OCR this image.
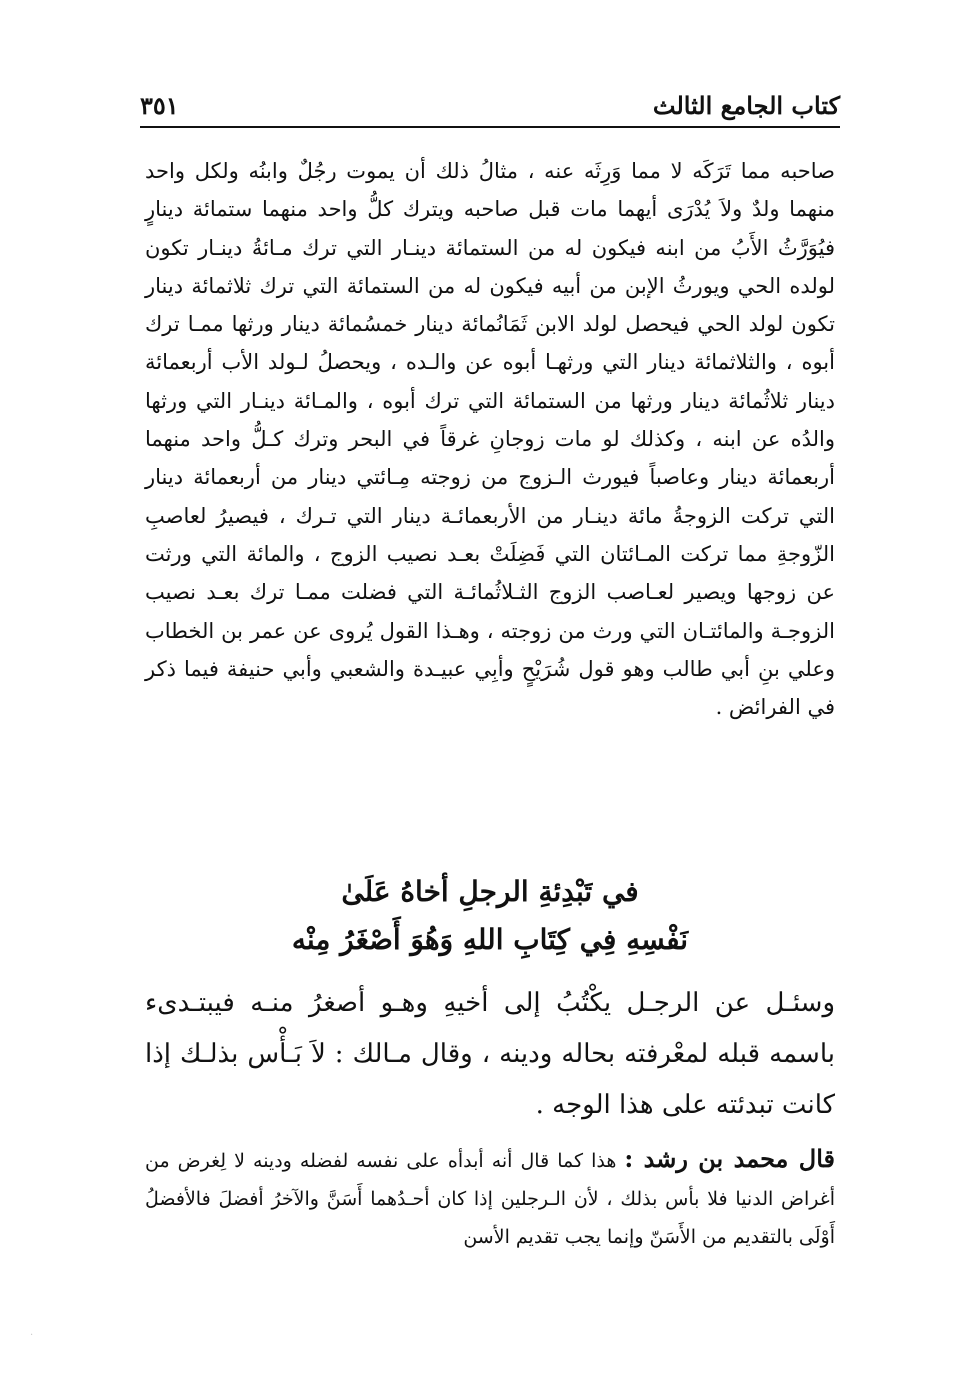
كتاب الجامع الثالث
٣٥١

صاحبه مما تَرَكَه لا مما وَرِثَه عنه ، مثالُ ذلك أن يموت رجُلٌ وابنُه ولكل واحد منهما ولدٌ ولاَ يُدْرَى أيهما مات قبل صاحبه ويترك كلُّ واحد منهما ستمائة دينارٍ فيُوَرَّثُ الأَبُ من ابنه فيكون له من الستمائة دينـار التي ترك مـائةُ دينـار تكون لولده الحي ويورثُ الإبن من أبيه فيكون له من الستمائة التي ترك ثلاثمائة دينار تكون لولد الحي فيحصل لولد الابن ثَمَانُمائة دينار خمسُمائة دينار ورثها ممـا ترك أبوه ، والثلاثمائة دينار التي ورثهـا أبوه عن والـده ، ويحصلُ لـولد الأب أربعمائة دينار ثلاثُمائة دينار ورثها من الستمائة التي ترك أبوه ، والمـائة دينـار التي ورثها والدُه عن ابنه ، وكذلك لو مات زوجانِ غرقاً في البحر وترك كـلُّ واحد منهما أربعمائة دينار وعاصباً فيورث الـزوج من زوجته مِـائتي دينار من أربعمائة دينار التي تركت الزوجةُ مائة دينـار من الأربعمائـة دينار التي تـرك ، فيصيرُ لعاصبِ الزّوجةِ مما تركت المـائتان التي فَضِلَتْ بعـد نصيب الزوج ، والمائة التي ورثت عن زوجها ويصير لعـاصب الزوج الثـلاثُمائـة التي فضلت ممـا ترك بعـد نصيب الزوجـة والمائتـان التي ورث من زوجته ، وهـذا القول يُروى عن عمر بن الخطاب وعلي بنِ أبي طالب وهو قول شُرَيْحٍ وأبِي عبيـدة والشعبي وأبي حنيفة فيما ذكر في الفرائض .

في تَبْدِئةِ الرجلِ أخاهُ عَلَىٰ
نَفْسِهِ فِي كِتَابِ اللهِ وَهُوَ أَصْغَرُ مِنْه

وسئـل عن الرجـل يكْتُبُ إلى أخيهِ وهـو أصغرُ منـه فيبتـدىء باسمه قبله لمعْرفته بحاله ودينه ، وقال مـالك : لاَ بَـأْس بذلـك إذا كانت تبدئته على هذا الوجه .

قال محمد بن رشد : هذا كما قال أنه أبدأه على نفسه لفضله ودينه لا لِغرض من أغراض الدنيا فلا بأس بذلك ، لأن الـرجلين إذا كان أحـدُهما أَسَنَّ والآخرُ أفضلَ فالأفضلُ أَوْلَى بالتقديم من الأَسَنّ وإنما يجب تقديم الأسن

·
